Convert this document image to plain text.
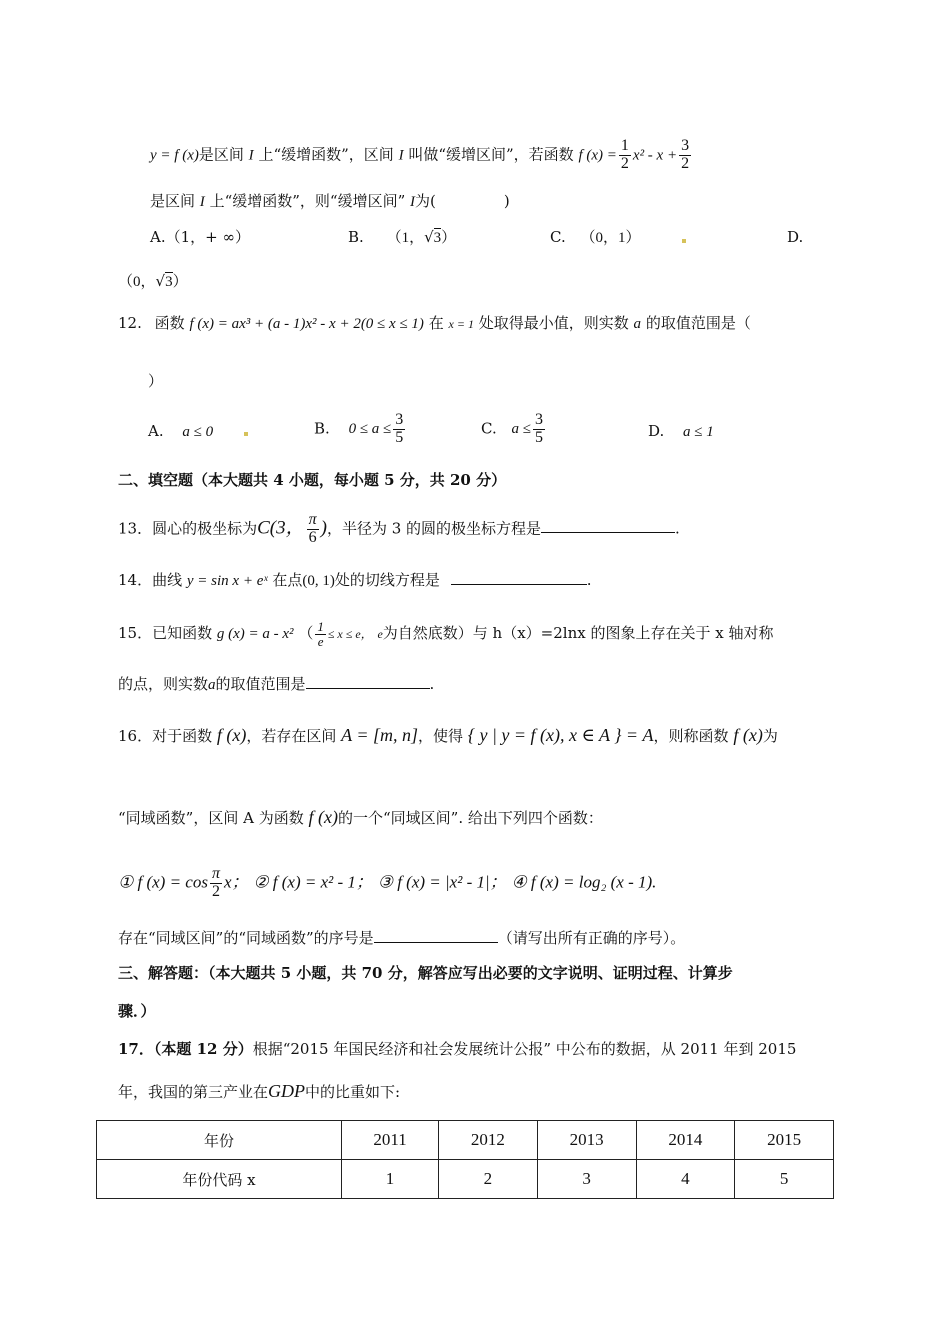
y = f (x)是区间 I 上“缓增函数”，区间 I 叫做“缓增区间”，若函数 f $(x) = \frac{1}{2} x^2 - x + \frac{3}{2}$
是区间 I 上“缓增函数”，则“缓增区间” I为(	)
A.（1，+ ∞）	B. （1，√3）	C. （0，1）	D.
（0，√3）
12. 函数 f (x) = ax³ + (a - 1)x² - x + 2(0 ≤ x ≤ 1) 在 x = 1 处取得最小值，则实数 a 的取值范围是（
）
A. a ≤ 0	B. $0 \le a \le \frac{3}{5}$	C. $a \le \frac{3}{5}$	D. a ≤ 1
二、填空题（本大题共 4 小题，每小题 5 分，共 20 分）
13．圆心的极坐标为C(3， $\frac{\pi}{6}$ )，半径为 3 的圆的极坐标方程是	.
14．曲线 y = sin x + eˣ 在点(0, 1)处的切线方程是	.
15．已知函数 g (x) = a - x² （ $\frac{1}{e} \le x \le e$， e为自然底数）与 h（x）=2lnx 的图象上存在关于 x 轴对称
的点，则实数a的取值范围是	.
16．对于函数 f (x)，若存在区间 A = [m, n]，使得 { y | y = f (x), x ∈ A } = A，则称函数 f (x)为
“同域函数”，区间 A 为函数 f (x)的一个“同域区间”. 给出下列四个函数：
① f $(x) = \cos \frac{\pi}{2}$ x； ② f (x) = x² - 1； ③ f (x) = |x² - 1|； ④ f (x) = log₂ (x - 1).
存在“同域区间”的“同域函数”的序号是	（请写出所有正确的序号）。
三、解答题：（本大题共 5 小题，共 70 分，解答应写出必要的文字说明、证明过程、计算步
骤．）
17．（本题 12 分）根据“2015 年国民经济和社会发展统计公报” 中公布的数据，从 2011 年到 2015
年，我国的第三产业在GDP中的比重如下:
年份	2011	2012	2013	2014	2015
年份代码 x	1	2	3	4	5
